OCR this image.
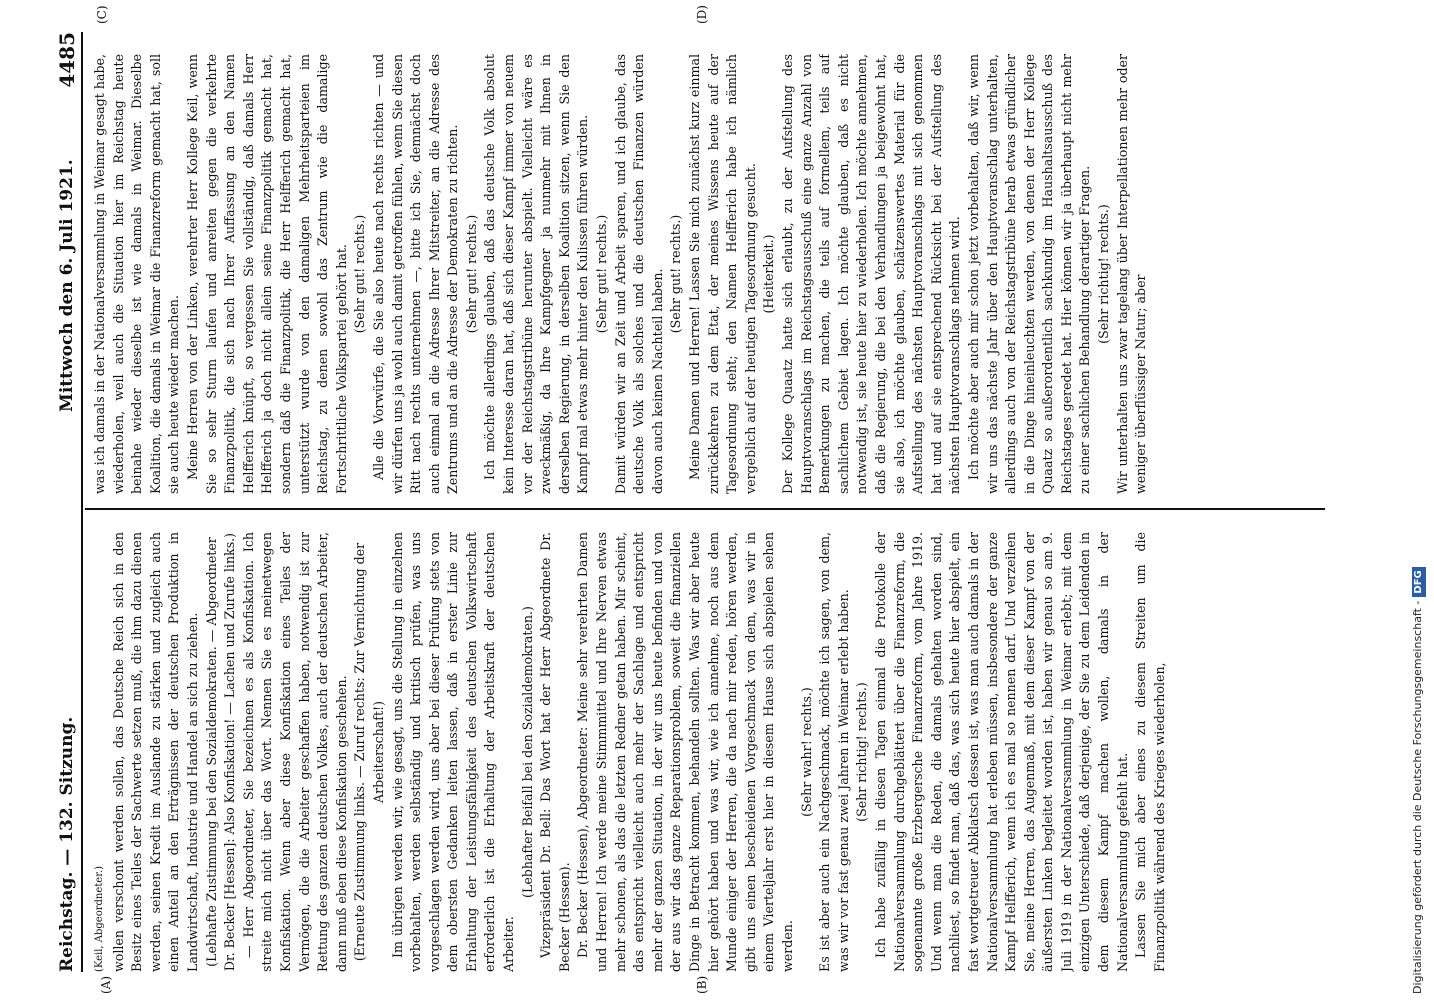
Reichstag. — 132. Sitzung.
Mittwoch den 6. Juli 1921.
4485
(A)	(B)
(C)	(D)

(Keil, Abgeordneter.) wollen verschont werden sollen, das Deutsche Reich sich in den Besitz eines Teiles der Sachwerte setzen muß, die ihm dazu dienen werden, seinen Kredit im Auslande zu stärken und zugleich auch einen Anteil an den Erträgnissen der deutschen Produktion in Landwirtschaft, Industrie und Handel an sich zu ziehen. (Lebhafte Zustimmung bei den Sozialdemokraten. — Abgeordneter Dr. Becker [Hessen]: Also Konfiskation! — Lachen und Zurufe links.) — Herr Abgeordneter, Sie bezeichnen es als Konfiskation. Ich streite mich nicht über das Wort. Nennen Sie es meinetwegen Konfiskation. Wenn aber diese Konfiskation eines Teiles der Vermögen, die die Arbeiter geschaffen haben, notwendig ist zur Rettung des ganzen deutschen Volkes, auch der deutschen Arbeiter, dann muß eben diese Konfiskation geschehen. (Erneute Zustimmung links. — Zuruf rechts: Zur Vernichtung der Arbeiterschaft!) Im übrigen werden wir, wie gesagt, uns die Stellung in einzelnen vorbehalten, werden selbständig und kritisch prüfen, was uns vorgeschlagen werden wird, uns aber bei dieser Prüfung stets von dem obersten Gedanken leiten lassen, daß in erster Linie zur Erhaltung der Leistungsfähigkeit des deutschen Volkswirtschaft erforderlich ist die Erhaltung der Arbeitskraft der deutschen Arbeiter.

(Lebhafter Beifall bei den Sozialdemokraten.) Vizepräsident Dr. Bell: Das Wort hat der Herr Abgeordnete Dr. Becker (Hessen). Dr. Becker (Hessen), Abgeordneter: Meine sehr verehrten Damen und Herren! Ich werde meine Stimmmittel und Ihre Nerven etwas mehr schonen, als das die letzten Redner getan haben. Mir scheint, das entspricht vielleicht auch mehr der Sachlage und entspricht mehr der ganzen Situation, in der wir uns heute befinden und von der aus wir das ganze Reparationsproblem, soweit die finanziellen Dinge in Betracht kommen, behandeln sollten. Was wir aber heute hier gehört haben und was wir, wie ich annehme, noch aus dem Munde einiger der Herren, die da nach mir reden, hören werden, gibt uns einen bescheidenen Vorgeschmack von dem, was wir in einem Vierteljahr erst hier in diesem Hause sich abspielen sehen werden.

(Sehr wahr! rechts.) Es ist aber auch ein Nachgeschmack, möchte ich sagen, von dem, was wir vor fast genau zwei Jahren in Weimar erlebt haben. (Sehr richtig! rechts.) Ich habe zufällig in diesen Tagen einmal die Protokolle der Nationalversammlung durchgeblättert über die Finanzreform, die sogenannte große Erzbergersche Finanzreform, vom Jahre 1919. Und wenn man die Reden, die damals gehalten worden sind, nachliest, so findet man, daß das, was sich heute hier abspielt, ein fast wortgetreuer Abklatsch dessen ist, was man auch damals in der Nationalversammlung hat erleben müssen, insbesondere der ganze Kampf Helfferich, wenn ich es mal so nennen darf. Und verzeihen Sie, meine Herren, das Augenmaß, mit dem dieser Kampf von der äußersten Linken begleitet worden ist, haben wir genau so am 9. Juli 1919 in der Nationalversammlung in Weimar erlebt; mit dem einzigen Unterschiede, daß derjenige, der Sie zu dem Leidenden in dem diesem Kampf machen wollen, damals in der Nationalversammlung gefehlt hat. Lassen Sie mich aber eines zu diesem Streiten um die Finanzpolitik während des Krieges wiederholen,

was ich damals in der Nationalversammlung in Weimar gesagt habe, wiederholen, weil auch die Situation hier im Reichstag heute beinahe wieder dieselbe ist wie damals in Weimar. Dieselbe Koalition, die damals in Weimar die Finanzreform gemacht hat, soll sie auch heute wieder machen. Meine Herren von der Linken, verehrter Herr Kollege Keil, wenn Sie so sehr Sturm laufen und anreiten gegen die verkehrte Finanzpolitik, die sich nach Ihrer Auffassung an den Namen Helfferich knüpft, so vergessen Sie vollständig, daß damals Herr Helfferich ja doch nicht allein seine Finanzpolitik gemacht hat, sondern daß die Finanzpolitik, die Herr Helfferich gemacht hat, unterstützt wurde von den damaligen Mehrheitsparteien im Reichstag, zu denen sowohl das Zentrum wie die damalige Fortschrittliche Volkspartei gehört hat. (Sehr gut! rechts.) Alle die Vorwürfe, die Sie also heute nach rechts richten — und wir dürfen uns ja wohl auch damit getroffen fühlen, wenn Sie diesen Ritt nach rechts unternehmen —, bitte ich Sie, demnächst doch auch einmal an die Adresse Ihrer Mitstreiter, an die Adresse des Zentrums und an die Adresse der Demokraten zu richten. (Sehr gut! rechts.) Ich möchte allerdings glauben, daß das deutsche Volk absolut kein Interesse daran hat, daß sich dieser Kampf immer von neuem vor der Reichstagstribüne herunter abspielt. Vielleicht wäre es zweckmäßig, da Ihre Kampfgegner ja nunmehr mit Ihnen in derselben Regierung, in derselben Koalition sitzen, wenn Sie den Kampf mal etwas mehr hinter den Kulissen führen würden. (Sehr gut! rechts.) Damit würden wir an Zeit und Arbeit sparen, und ich glaube, das deutsche Volk als solches und die deutschen Finanzen würden davon auch keinen Nachteil haben. (Sehr gut! rechts.) Meine Damen und Herren! Lassen Sie mich zunächst kurz einmal zurückkehren zu dem Etat, der meines Wissens heute auf der Tagesordnung steht; den Namen Helfferich habe ich nämlich vergeblich auf der heutigen Tagesordnung gesucht. (Heiterkeit.) Der Kollege Quaatz hatte sich erlaubt, zu der Aufstellung des Hauptvoranschlags im Reichstagsausschuß eine ganze Anzahl von Bemerkungen zu machen, die teils auf formellem, teils auf sachlichem Gebiet lagen. Ich möchte glauben, daß es nicht notwendig ist, sie heute hier zu wiederholen. Ich möchte annehmen, daß die Regierung, die bei den Verhandlungen ja beigewohnt hat, sie also, ich möchte glauben, schätzenswertes Material für die Aufstellung des nächsten Hauptvoranschlags mit sich genommen hat und auf sie entsprechend Rücksicht bei der Aufstellung des nächsten Hauptvoranschlags nehmen wird. Ich möchte aber auch mir schon jetzt vorbehalten, daß wir, wenn wir uns das nächste Jahr über den Hauptvoranschlag unterhalten, allerdings auch von der Reichstagstribüne herab etwas gründlicher in die Dinge hineinleuchten werden, von denen der Herr Kollege Quaatz so außerordentlich sachkundig im Haushaltsausschuß des Reichstages geredet hat. Hier können wir ja überhaupt nicht mehr zu einer sachlichen Behandlung derartiger Fragen. (Sehr richtig! rechts.) Wir unterhalten uns zwar tagelang über Interpellationen mehr oder weniger überflüssiger Natur; aber

Digitalisierung gefördert durch die Deutsche Forschungsgemeinschaft -DFG
